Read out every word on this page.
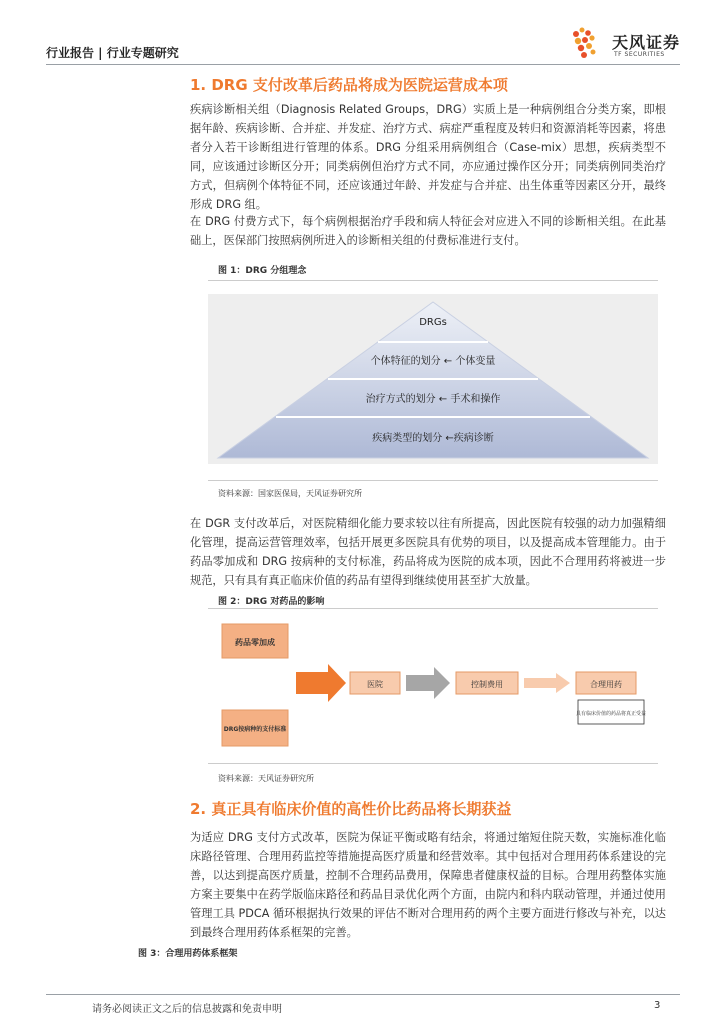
行业报告 | 行业专题研究
天风证券
TF SECURITIES
1. DRG 支付改革后药品将成为医院运营成本项
疾病诊断相关组（Diagnosis Related Groups，DRG）实质上是一种病例组合分类方案，即根据年龄、疾病诊断、合并症、并发症、治疗方式、病症严重程度及转归和资源消耗等因素，将患者分入若干诊断组进行管理的体系。DRG 分组采用病例组合（Case-mix）思想，疾病类型不同，应该通过诊断区分开；同类病例但治疗方式不同，亦应通过操作区分开；同类病例同类治疗方式，但病例个体特征不同，还应该通过年龄、并发症与合并症、出生体重等因素区分开，最终形成 DRG 组。
在 DRG 付费方式下，每个病例根据治疗手段和病人特征会对应进入不同的诊断相关组。在此基础上，医保部门按照病例所进入的诊断相关组的付费标准进行支付。
图 1：DRG 分组理念
DRGs
个体特征的划分 ← 个体变量
治疗方式的划分 ← 手术和操作
疾病类型的划分 ←疾病诊断
资料来源：国家医保局，天风证券研究所
在 DGR 支付改革后，对医院精细化能力要求较以往有所提高，因此医院有较强的动力加强精细化管理，提高运营管理效率，包括开展更多医院具有优势的项目，以及提高成本管理能力。由于药品零加成和 DRG 按病种的支付标准，药品将成为医院的成本项，因此不合理用药将被进一步规范，只有具有真正临床价值的药品有望得到继续使用甚至扩大放量。
图 2：DRG 对药品的影响
药品零加成
DRG按病种的支付标准
医院	控制费用	合理用药
具有临床价值的药品将真正受益
资料来源：天风证券研究所
2. 真正具有临床价值的高性价比药品将长期获益
为适应 DRG 支付方式改革，医院为保证平衡或略有结余，将通过缩短住院天数，实施标准化临床路径管理、合理用药监控等措施提高医疗质量和经营效率。其中包括对合理用药体系建设的完善，以达到提高医疗质量，控制不合理药品费用，保障患者健康权益的目标。合理用药整体实施方案主要集中在药学版临床路径和药品目录优化两个方面，由院内和科内联动管理，并通过使用管理工具 PDCA 循环根据执行效果的评估不断对合理用药的两个主要方面进行修改与补充，以达到最终合理用药体系框架的完善。
图 3：合理用药体系框架
请务必阅读正文之后的信息披露和免责申明	3
